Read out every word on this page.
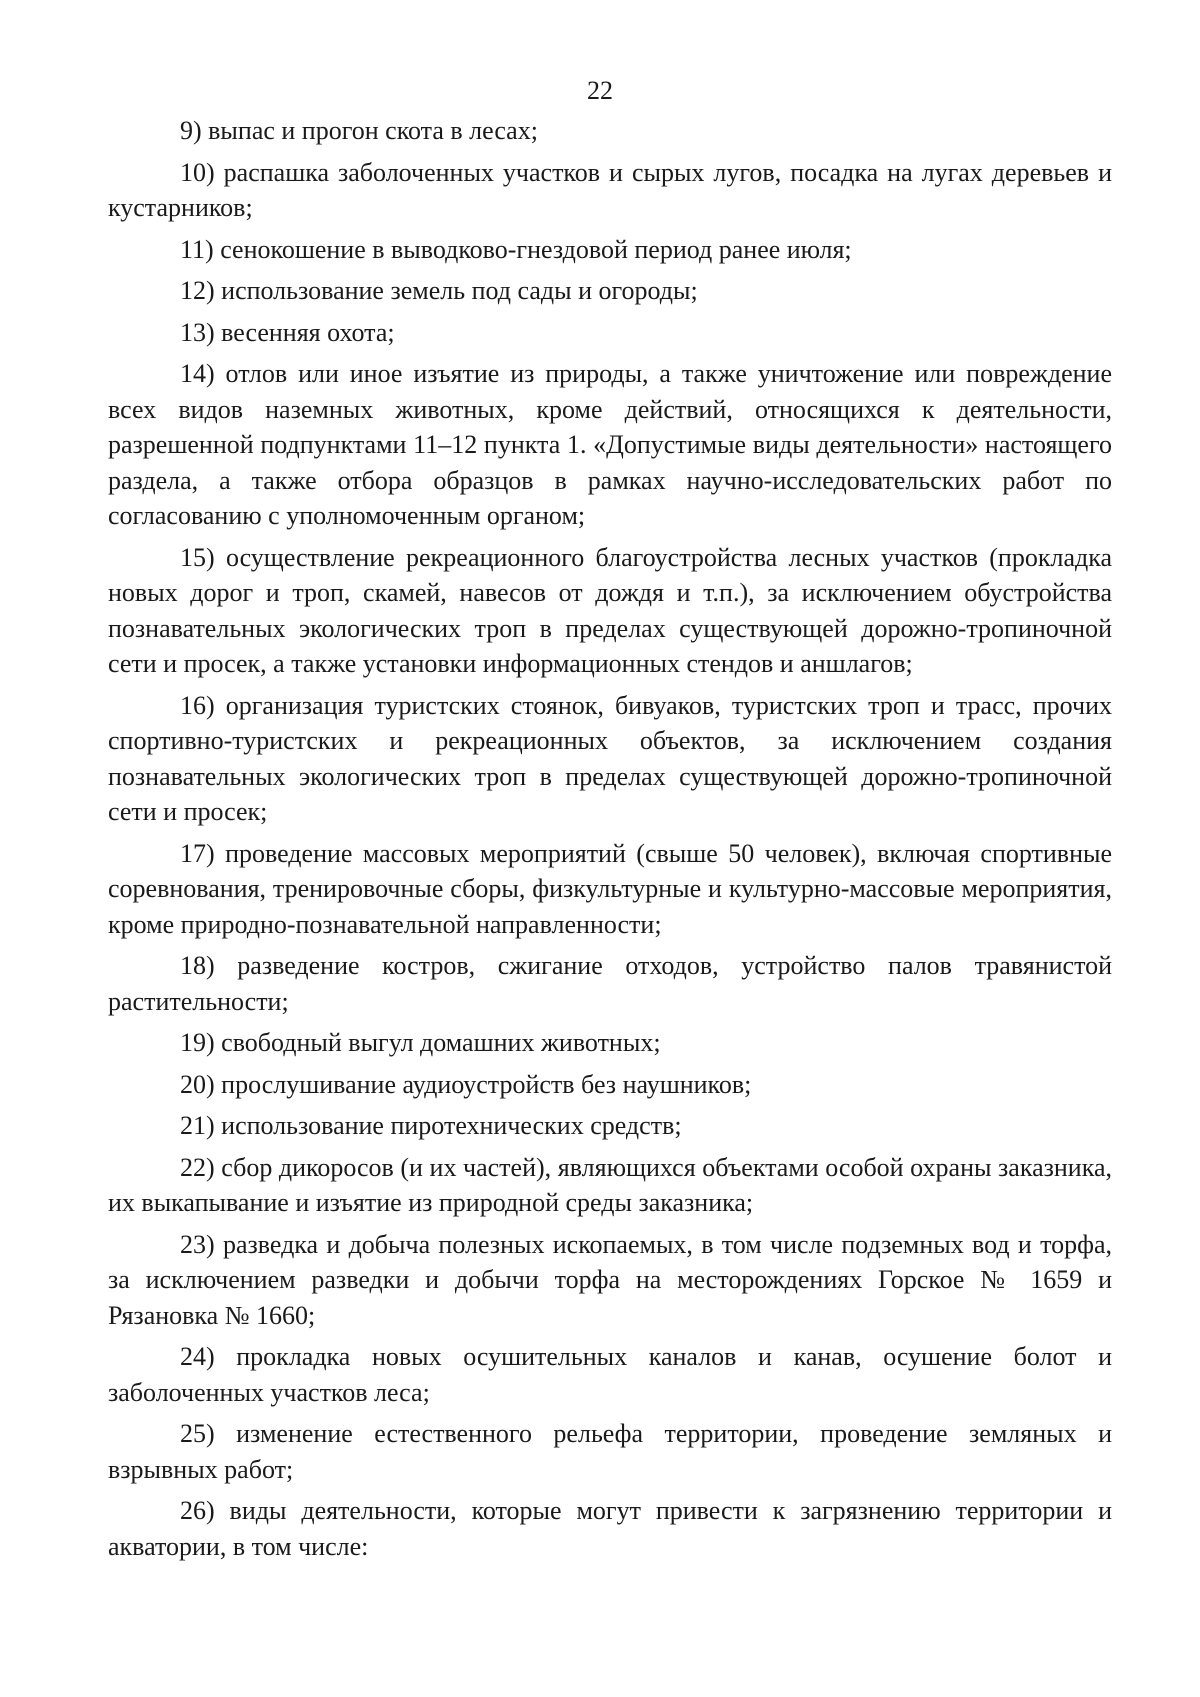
22

9) выпас и прогон скота в лесах;

10) распашка заболоченных участков и сырых лугов, посадка на лугах деревьев и кустарников;

11) сенокошение в выводково-гнездовой период ранее июля;

12) использование земель под сады и огороды;

13) весенняя охота;

14) отлов или иное изъятие из природы, а также уничтожение или повреждение всех видов наземных животных, кроме действий, относящихся к деятельности, разрешенной подпунктами 11–12 пункта 1. «Допустимые виды деятельности» настоящего раздела, а также отбора образцов в рамках научно-исследовательских работ по согласованию с уполномоченным органом;

15) осуществление рекреационного благоустройства лесных участков (прокладка новых дорог и троп, скамей, навесов от дождя и т.п.), за исключением обустройства познавательных экологических троп в пределах существующей дорожно-тропиночной сети и просек, а также установки информационных стендов и аншлагов;

16) организация туристских стоянок, бивуаков, туристских троп и трасс, прочих спортивно-туристских и рекреационных объектов, за исключением создания познавательных экологических троп в пределах существующей дорожно-тропиночной сети и просек;

17) проведение массовых мероприятий (свыше 50 человек), включая спортивные соревнования, тренировочные сборы, физкультурные и культурно-массовые мероприятия, кроме природно-познавательной направленности;

18) разведение костров, сжигание отходов, устройство палов травянистой растительности;

19) свободный выгул домашних животных;

20) прослушивание аудиоустройств без наушников;

21) использование пиротехнических средств;

22) сбор дикоросов (и их частей), являющихся объектами особой охраны заказника, их выкапывание и изъятие из природной среды заказника;

23) разведка и добыча полезных ископаемых, в том числе подземных вод и торфа, за исключением разведки и добычи торфа на месторождениях Горское № 1659 и Рязановка № 1660;

24) прокладка новых осушительных каналов и канав, осушение болот и заболоченных участков леса;

25) изменение естественного рельефа территории, проведение земляных и взрывных работ;

26) виды деятельности, которые могут привести к загрязнению территории и акватории, в том числе:
